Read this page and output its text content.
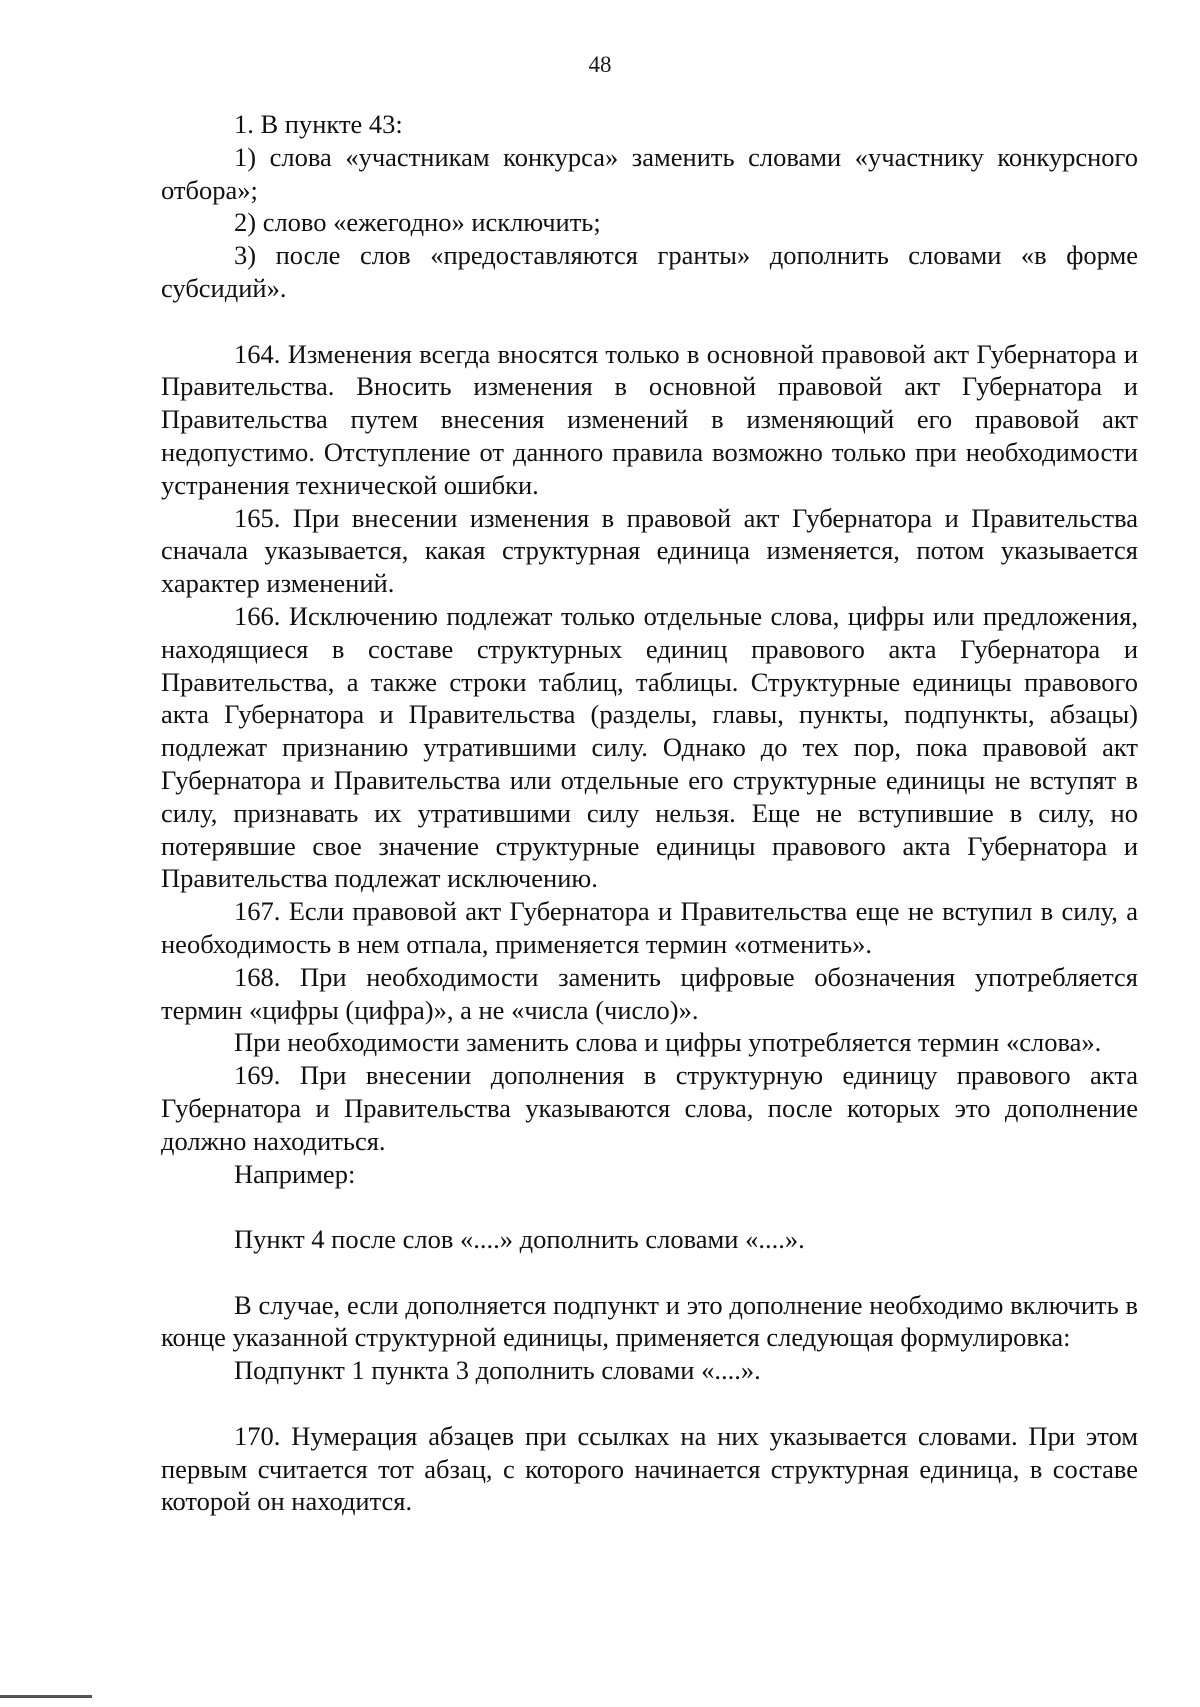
48

1. В пункте 43:

1) слова «участникам конкурса» заменить словами «участнику конкурсного отбора»;

2) слово «ежегодно» исключить;

3) после слов «предоставляются гранты» дополнить словами «в форме субсидий».

164. Изменения всегда вносятся только в основной правовой акт Губернатора и Правительства. Вносить изменения в основной правовой акт Губернатора и Правительства путем внесения изменений в изменяющий его правовой акт недопустимо. Отступление от данного правила возможно только при необходимости устранения технической ошибки.

165. При внесении изменения в правовой акт Губернатора и Правительства сначала указывается, какая структурная единица изменяется, потом указывается характер изменений.

166. Исключению подлежат только отдельные слова, цифры или предложения, находящиеся в составе структурных единиц правового акта Губернатора и Правительства, а также строки таблиц, таблицы. Структурные единицы правового акта Губернатора и Правительства (разделы, главы, пункты, подпункты, абзацы) подлежат признанию утратившими силу. Однако до тех пор, пока правовой акт Губернатора и Правительства или отдельные его структурные единицы не вступят в силу, признавать их утратившими силу нельзя. Еще не вступившие в силу, но потерявшие свое значение структурные единицы правового акта Губернатора и Правительства подлежат исключению.

167. Если правовой акт Губернатора и Правительства еще не вступил в силу, а необходимость в нем отпала, применяется термин «отменить».

168. При необходимости заменить цифровые обозначения употребляется термин «цифры (цифра)», а не «числа (число)».

При необходимости заменить слова и цифры употребляется термин «слова».

169. При внесении дополнения в структурную единицу правового акта Губернатора и Правительства указываются слова, после которых это дополнение должно находиться.

Например:

Пункт 4 после слов «....» дополнить словами «....».

В случае, если дополняется подпункт и это дополнение необходимо включить в конце указанной структурной единицы, применяется следующая формулировка:

Подпункт 1 пункта 3 дополнить словами «....».

170. Нумерация абзацев при ссылках на них указывается словами. При этом первым считается тот абзац, с которого начинается структурная единица, в составе которой он находится.
